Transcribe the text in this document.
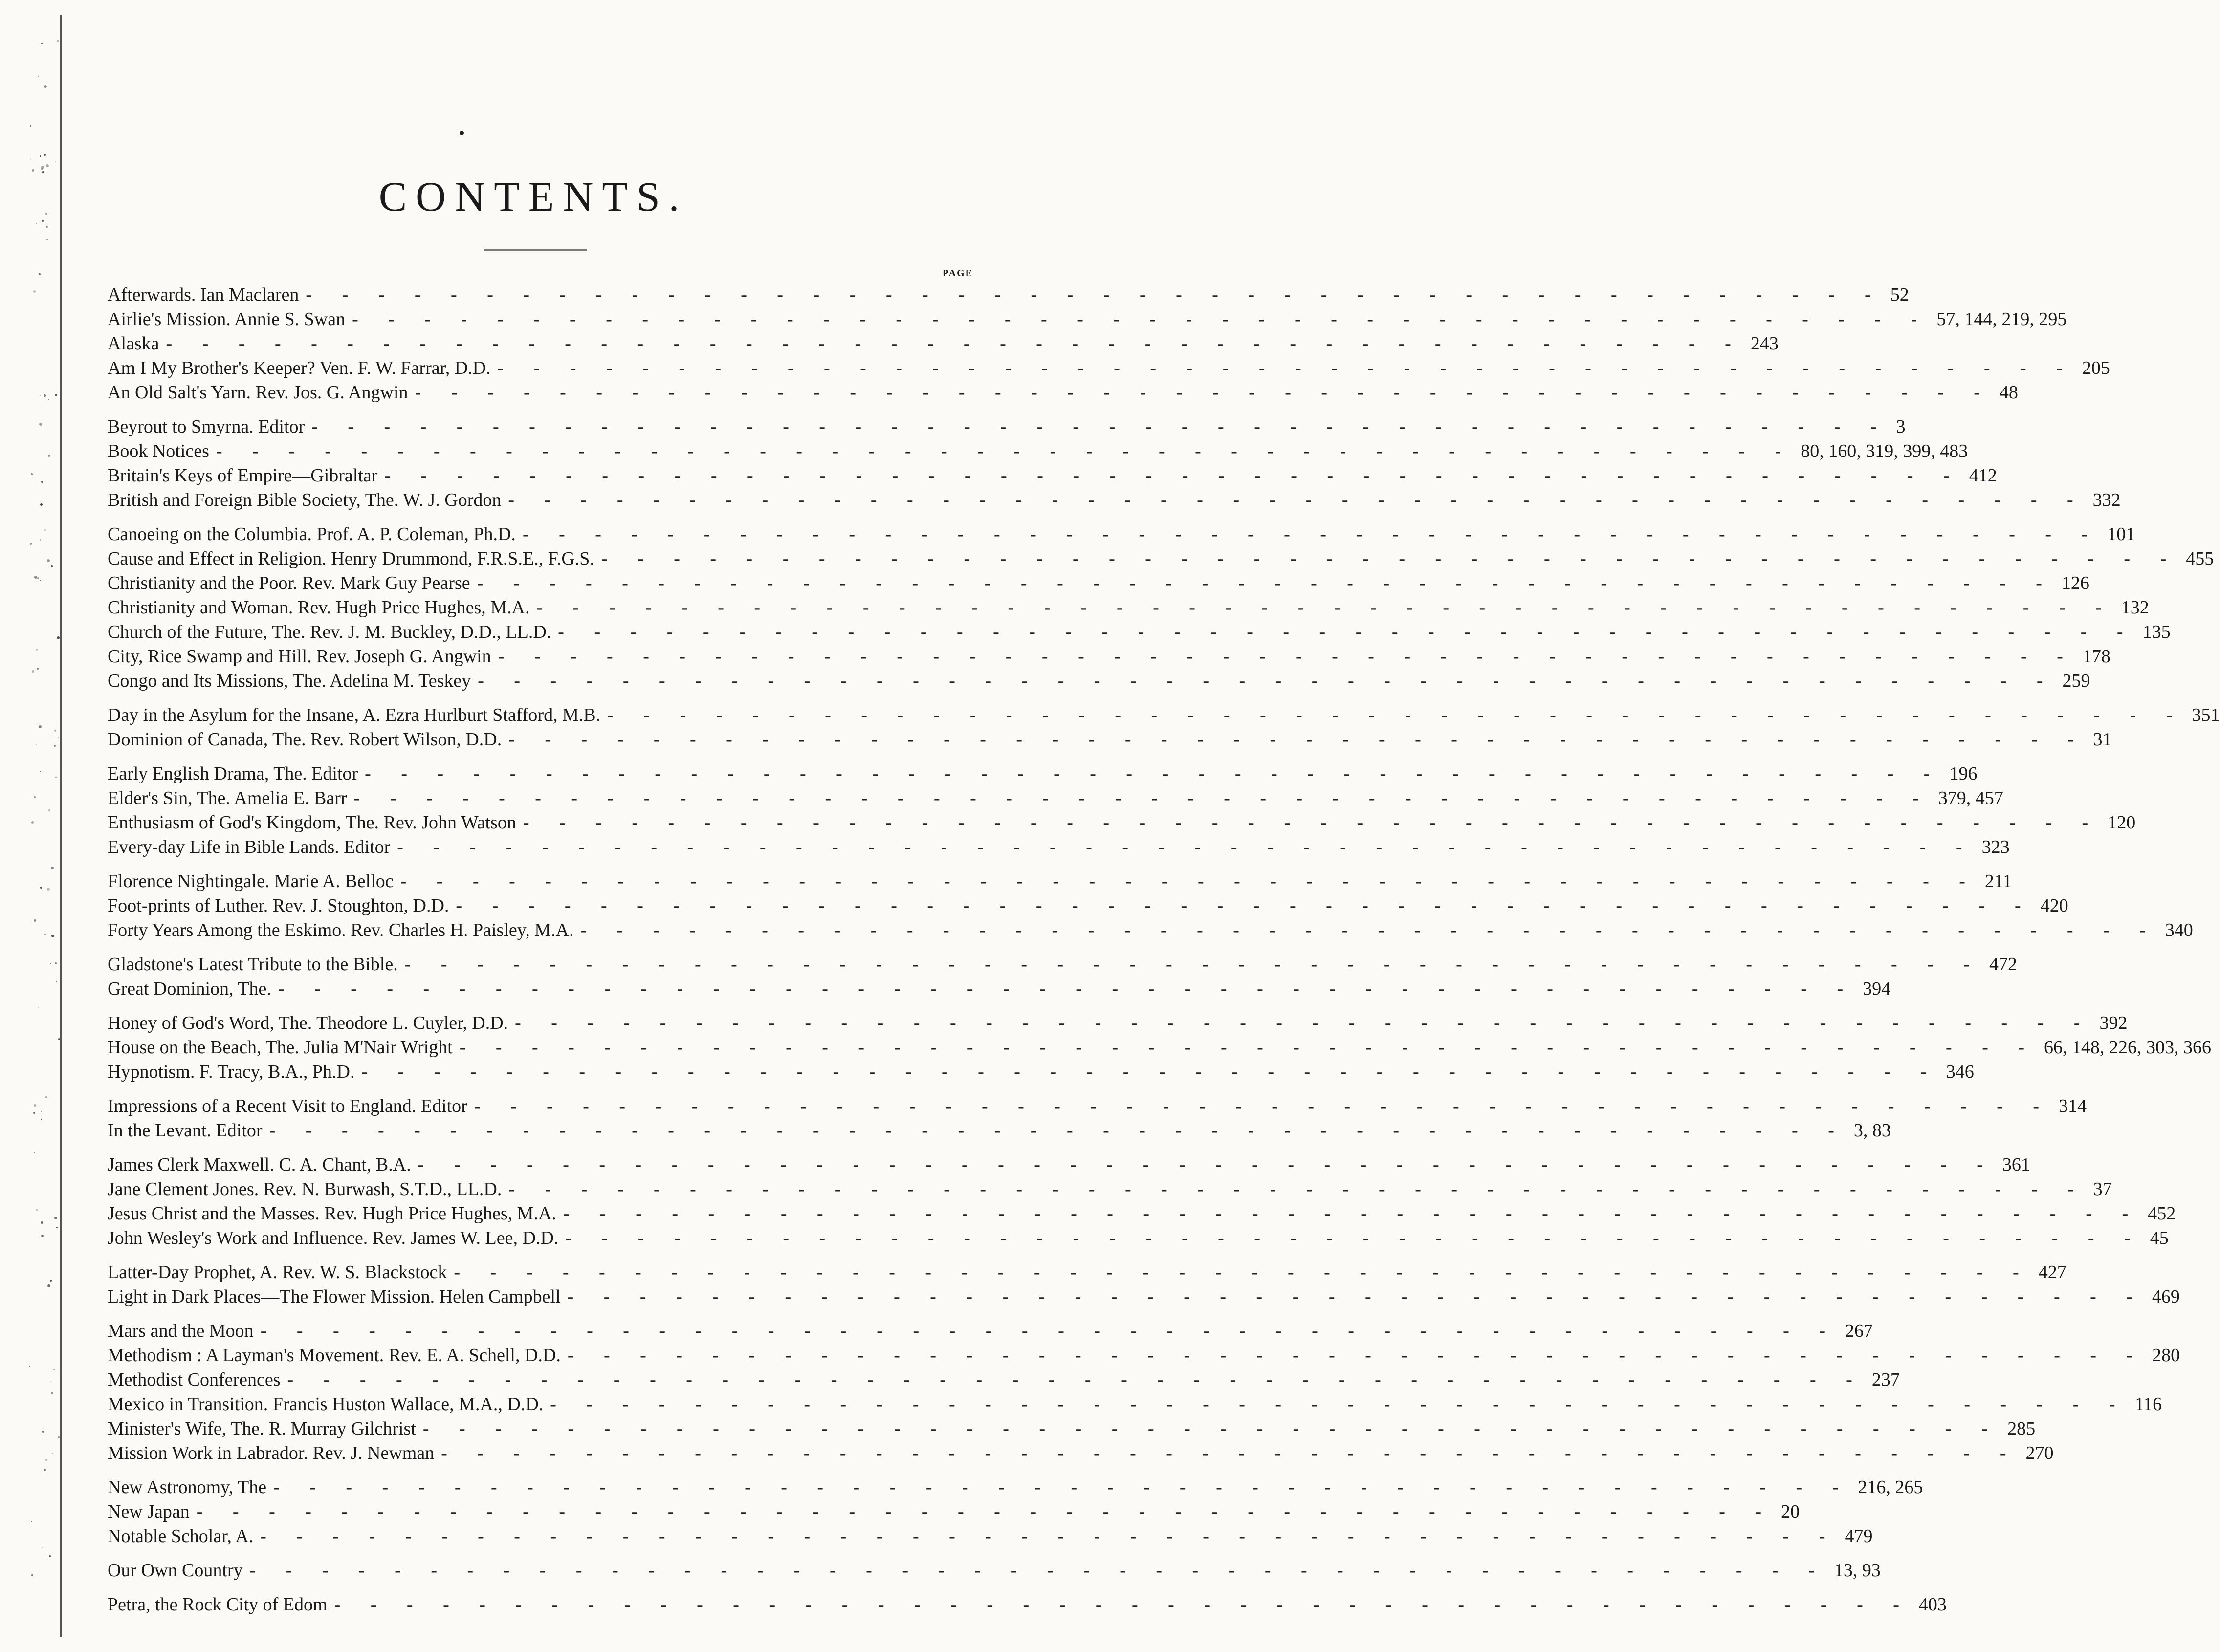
CONTENTS.
PAGE
Afterwards. Ian Maclaren - - - - - - - - - - - - - - - - - - - - - - - - - - - - - - - - - - - - - - - - - - - - 52
Airlie's Mission. Annie S. Swan - - - - - - - - - - - - - - - - - - - - - - - - - - - - - - - - - - - - - - - - - - - - 57, 144, 219, 295
Alaska - - - - - - - - - - - - - - - - - - - - - - - - - - - - - - - - - - - - - - - - - - - - 243
Am I My Brother's Keeper? Ven. F. W. Farrar, D.D. - - - - - - - - - - - - - - - - - - - - - - - - - - - - - - - - - - - - - - - - - - - - 205
An Old Salt's Yarn. Rev. Jos. G. Angwin - - - - - - - - - - - - - - - - - - - - - - - - - - - - - - - - - - - - - - - - - - - - 48
Beyrout to Smyrna. Editor - - - - - - - - - - - - - - - - - - - - - - - - - - - - - - - - - - - - - - - - - - - - 3
Book Notices - - - - - - - - - - - - - - - - - - - - - - - - - - - - - - - - - - - - - - - - - - - - 80, 160, 319, 399, 483
Britain's Keys of Empire—Gibraltar - - - - - - - - - - - - - - - - - - - - - - - - - - - - - - - - - - - - - - - - - - - - 412
British and Foreign Bible Society, The. W. J. Gordon - - - - - - - - - - - - - - - - - - - - - - - - - - - - - - - - - - - - - - - - - - - - 332
Canoeing on the Columbia. Prof. A. P. Coleman, Ph.D. - - - - - - - - - - - - - - - - - - - - - - - - - - - - - - - - - - - - - - - - - - - - 101
Cause and Effect in Religion. Henry Drummond, F.R.S.E., F.G.S. - - - - - - - - - - - - - - - - - - - - - - - - - - - - - - - - - - - - - - - - - - - - 455
Christianity and the Poor. Rev. Mark Guy Pearse - - - - - - - - - - - - - - - - - - - - - - - - - - - - - - - - - - - - - - - - - - - - 126
Christianity and Woman. Rev. Hugh Price Hughes, M.A. - - - - - - - - - - - - - - - - - - - - - - - - - - - - - - - - - - - - - - - - - - - - 132
Church of the Future, The. Rev. J. M. Buckley, D.D., LL.D. - - - - - - - - - - - - - - - - - - - - - - - - - - - - - - - - - - - - - - - - - - - - 135
City, Rice Swamp and Hill. Rev. Joseph G. Angwin - - - - - - - - - - - - - - - - - - - - - - - - - - - - - - - - - - - - - - - - - - - - 178
Congo and Its Missions, The. Adelina M. Teskey - - - - - - - - - - - - - - - - - - - - - - - - - - - - - - - - - - - - - - - - - - - - 259
Day in the Asylum for the Insane, A. Ezra Hurlburt Stafford, M.B. - - - - - - - - - - - - - - - - - - - - - - - - - - - - - - - - - - - - - - - - - - - - 351
Dominion of Canada, The. Rev. Robert Wilson, D.D. - - - - - - - - - - - - - - - - - - - - - - - - - - - - - - - - - - - - - - - - - - - - 31
Early English Drama, The. Editor - - - - - - - - - - - - - - - - - - - - - - - - - - - - - - - - - - - - - - - - - - - - 196
Elder's Sin, The. Amelia E. Barr - - - - - - - - - - - - - - - - - - - - - - - - - - - - - - - - - - - - - - - - - - - - 379, 457
Enthusiasm of God's Kingdom, The. Rev. John Watson - - - - - - - - - - - - - - - - - - - - - - - - - - - - - - - - - - - - - - - - - - - - 120
Every-day Life in Bible Lands. Editor - - - - - - - - - - - - - - - - - - - - - - - - - - - - - - - - - - - - - - - - - - - - 323
Florence Nightingale. Marie A. Belloc - - - - - - - - - - - - - - - - - - - - - - - - - - - - - - - - - - - - - - - - - - - - 211
Foot-prints of Luther. Rev. J. Stoughton, D.D. - - - - - - - - - - - - - - - - - - - - - - - - - - - - - - - - - - - - - - - - - - - - 420
Forty Years Among the Eskimo. Rev. Charles H. Paisley, M.A. - - - - - - - - - - - - - - - - - - - - - - - - - - - - - - - - - - - - - - - - - - - - 340
Gladstone's Latest Tribute to the Bible. - - - - - - - - - - - - - - - - - - - - - - - - - - - - - - - - - - - - - - - - - - - - 472
Great Dominion, The. - - - - - - - - - - - - - - - - - - - - - - - - - - - - - - - - - - - - - - - - - - - - 394
Honey of God's Word, The. Theodore L. Cuyler, D.D. - - - - - - - - - - - - - - - - - - - - - - - - - - - - - - - - - - - - - - - - - - - - 392
House on the Beach, The. Julia M'Nair Wright - - - - - - - - - - - - - - - - - - - - - - - - - - - - - - - - - - - - - - - - - - - - 66, 148, 226, 303, 366
Hypnotism. F. Tracy, B.A., Ph.D. - - - - - - - - - - - - - - - - - - - - - - - - - - - - - - - - - - - - - - - - - - - - 346
Impressions of a Recent Visit to England. Editor - - - - - - - - - - - - - - - - - - - - - - - - - - - - - - - - - - - - - - - - - - - - 314
In the Levant. Editor - - - - - - - - - - - - - - - - - - - - - - - - - - - - - - - - - - - - - - - - - - - - 3, 83
James Clerk Maxwell. C. A. Chant, B.A. - - - - - - - - - - - - - - - - - - - - - - - - - - - - - - - - - - - - - - - - - - - - 361
Jane Clement Jones. Rev. N. Burwash, S.T.D., LL.D. - - - - - - - - - - - - - - - - - - - - - - - - - - - - - - - - - - - - - - - - - - - - 37
Jesus Christ and the Masses. Rev. Hugh Price Hughes, M.A. - - - - - - - - - - - - - - - - - - - - - - - - - - - - - - - - - - - - - - - - - - - - 452
John Wesley's Work and Influence. Rev. James W. Lee, D.D. - - - - - - - - - - - - - - - - - - - - - - - - - - - - - - - - - - - - - - - - - - - - 45
Latter-Day Prophet, A. Rev. W. S. Blackstock - - - - - - - - - - - - - - - - - - - - - - - - - - - - - - - - - - - - - - - - - - - - 427
Light in Dark Places—The Flower Mission. Helen Campbell - - - - - - - - - - - - - - - - - - - - - - - - - - - - - - - - - - - - - - - - - - - - 469
Mars and the Moon - - - - - - - - - - - - - - - - - - - - - - - - - - - - - - - - - - - - - - - - - - - - 267
Methodism : A Layman's Movement. Rev. E. A. Schell, D.D. - - - - - - - - - - - - - - - - - - - - - - - - - - - - - - - - - - - - - - - - - - - - 280
Methodist Conferences - - - - - - - - - - - - - - - - - - - - - - - - - - - - - - - - - - - - - - - - - - - - 237
Mexico in Transition. Francis Huston Wallace, M.A., D.D. - - - - - - - - - - - - - - - - - - - - - - - - - - - - - - - - - - - - - - - - - - - - 116
Minister's Wife, The. R. Murray Gilchrist - - - - - - - - - - - - - - - - - - - - - - - - - - - - - - - - - - - - - - - - - - - - 285
Mission Work in Labrador. Rev. J. Newman - - - - - - - - - - - - - - - - - - - - - - - - - - - - - - - - - - - - - - - - - - - - 270
New Astronomy, The - - - - - - - - - - - - - - - - - - - - - - - - - - - - - - - - - - - - - - - - - - - - 216, 265
New Japan - - - - - - - - - - - - - - - - - - - - - - - - - - - - - - - - - - - - - - - - - - - - 20
Notable Scholar, A. - - - - - - - - - - - - - - - - - - - - - - - - - - - - - - - - - - - - - - - - - - - - 479
Our Own Country - - - - - - - - - - - - - - - - - - - - - - - - - - - - - - - - - - - - - - - - - - - - 13, 93
Petra, the Rock City of Edom - - - - - - - - - - - - - - - - - - - - - - - - - - - - - - - - - - - - - - - - - - - - 403
